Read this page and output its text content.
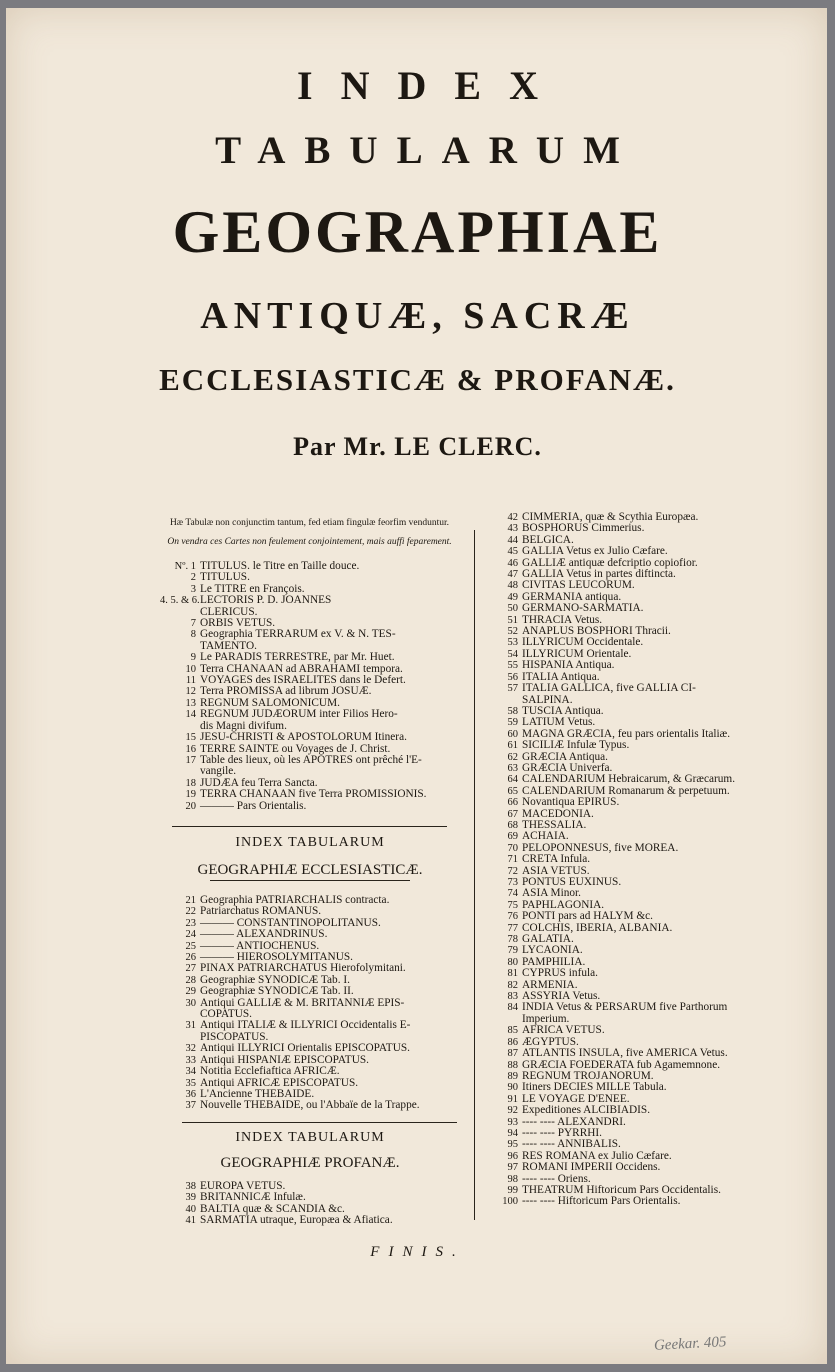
INDEX
TABULARUM
GEOGRAPHIAE
ANTIQUÆ, SACRÆ
ECCLESIASTICÆ & PROFANÆ.
Par Mr. LE CLERC.
Hæ Tabulæ non conjunctim tantum, fed etiam fingulæ feorfim venduntur.
On vendra ces Cartes non feulement conjointement, mais auffi feparement.
Nº. 1 TITULUS. le Titre en Taille douce.
2 TITULUS.
3 Le TITRE en François.
4. 5. & 6. LECTORIS P. D. JOANNES
CLERICUS.
7 ORBIS VETUS.
8 Geographia TERRARUM ex V. & N. TES-
TAMENTO.
9 Le PARADIS TERRESTRE, par Mr. Huet.
10 Terra CHANAAN ad ABRAHAMI tempora.
11 VOYAGES des ISRAELITES dans le Defert.
12 Terra PROMISSA ad librum JOSUÆ.
13 REGNUM SALOMONICUM.
14 REGNUM JUDÆORUM inter Filios Hero-
dis Magni divifum.
15 JESU-CHRISTI & APOSTOLORUM Itinera.
16 TERRE SAINTE ou Voyages de J. Christ.
17 Table des lieux, où les APOTRES ont prêché l'E-
vangile.
18 JUDÆA feu Terra Sancta.
19 TERRA CHANAAN five Terra PROMISSIONIS.
20 ——— Pars Orientalis.
INDEX TABULARUM
GEOGRAPHIÆ ECCLESIASTICÆ.
21 Geographia PATRIARCHALIS contracta.
22 Patriarchatus ROMANUS.
23 ——— CONSTANTINOPOLITANUS.
24 ——— ALEXANDRINUS.
25 ——— ANTIOCHENUS.
26 ——— HIEROSOLYMITANUS.
27 PINAX PATRIARCHATUS Hierofolymitani.
28 Geographiæ SYNODICÆ Tab. I.
29 Geographiæ SYNODICÆ Tab. II.
30 Antiqui GALLIÆ & M. BRITANNIÆ EPIS-
COPATUS.
31 Antiqui ITALIÆ & ILLYRICI Occidentalis E-
PISCOPATUS.
32 Antiqui ILLYRICI Orientalis EPISCOPATUS.
33 Antiqui HISPANIÆ EPISCOPATUS.
34 Notitia Ecclefiaftica AFRICÆ.
35 Antiqui AFRICÆ EPISCOPATUS.
36 L'Ancienne THEBAIDE.
37 Nouvelle THEBAIDE, ou l'Abbaïe de la Trappe.
INDEX TABULARUM
GEOGRAPHIÆ PROFANÆ.
38 EUROPA VETUS.
39 BRITANNICÆ Infulæ.
40 BALTIA quæ & SCANDIA &c.
41 SARMATIA utraque, Europæa & Afiatica.
42 CIMMERIA, quæ & Scythia Europæa.
43 BOSPHORUS Cimmerius.
44 BELGICA.
45 GALLIA Vetus ex Julio Cæfare.
46 GALLIÆ antiquæ defcriptio copiofior.
47 GALLIA Vetus in partes diftincta.
48 CIVITAS LEUCORUM.
49 GERMANIA antiqua.
50 GERMANO-SARMATIA.
51 THRACIA Vetus.
52 ANAPLUS BOSPHORI Thracii.
53 ILLYRICUM Occidentale.
54 ILLYRICUM Orientale.
55 HISPANIA Antiqua.
56 ITALIA Antiqua.
57 ITALIA GALLICA, five GALLIA CI-
SALPINA.
58 TUSCIA Antiqua.
59 LATIUM Vetus.
60 MAGNA GRÆCIA, feu pars orientalis Italiæ.
61 SICILIÆ Infulæ Typus.
62 GRÆCIA Antiqua.
63 GRÆCIA Univerfa.
64 CALENDARIUM Hebraicarum, & Græcarum.
65 CALENDARIUM Romanarum & perpetuum.
66 Novantiqua EPIRUS.
67 MACEDONIA.
68 THESSALIA.
69 ACHAIA.
70 PELOPONNESUS, five MOREA.
71 CRETA Infula.
72 ASIA VETUS.
73 PONTUS EUXINUS.
74 ASIA Minor.
75 PAPHLAGONIA.
76 PONTI pars ad HALYM &c.
77 COLCHIS, IBERIA, ALBANIA.
78 GALATIA.
79 LYCAONIA.
80 PAMPHILIA.
81 CYPRUS infula.
82 ARMENIA.
83 ASSYRIA Vetus.
84 INDIA Vetus & PERSARUM five Parthorum
Imperium.
85 AFRICA VETUS.
86 ÆGYPTUS.
87 ATLANTIS INSULA, five AMERICA Vetus.
88 GRÆCIA FOEDERATA fub Agamemnone.
89 REGNUM TROJANORUM.
90 Itiners DECIES MILLE Tabula.
91 LE VOYAGE D'ENEE.
92 Expeditiones ALCIBIADIS.
93 ---- ---- ALEXANDRI.
94 ---- ---- PYRRHI.
95 ---- ---- ANNIBALIS.
96 RES ROMANA ex Julio Cæfare.
97 ROMANI IMPERII Occidens.
98 ---- ---- Oriens.
99 THEATRUM Hiftoricum Pars Occidentalis.
100 ---- ---- Hiftoricum Pars Orientalis.
FINIS.
Geekar. 405
